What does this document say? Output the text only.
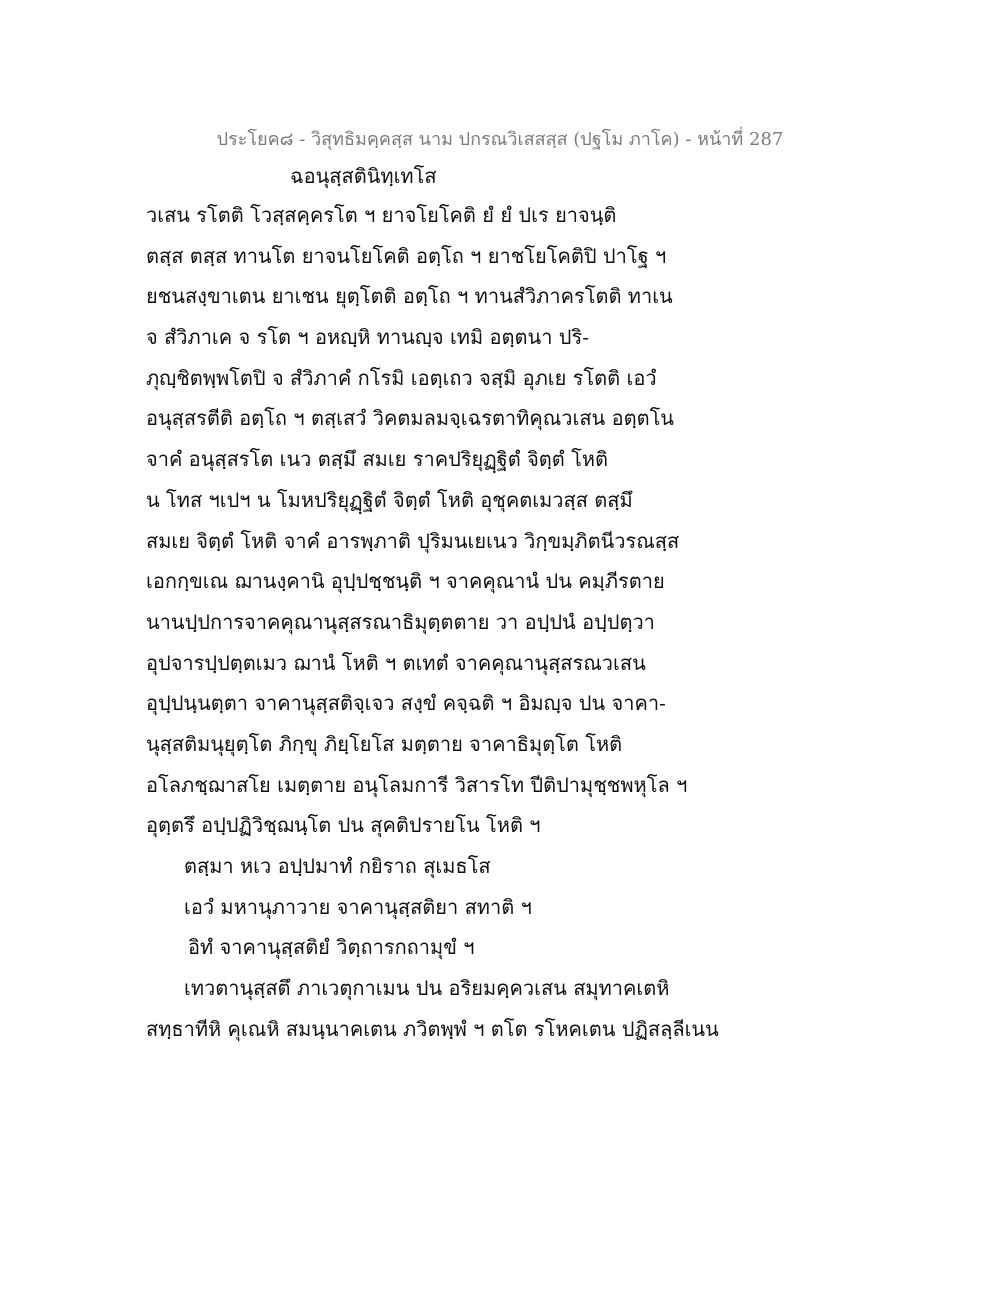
ประโยค๘ - วิสุทธิมคฺคสฺส นาม ปกรณวิเสสสฺส (ปฐโม ภาโค) - หน้าที่ 287
ฉอนุสฺสตินิทฺเทโส
วเสน รโตติ โวสฺสคฺครโต ฯ ยาจโยโคติ ยํ ยํ ปเร ยาจนฺติ
ตสฺส ตสฺส ทานโต ยาจนโยโคติ อตฺโถ ฯ ยาชโยโคติปิ ปาโฐ ฯ
ยชนสงฺขาเตน ยาเชน ยุตฺโตติ อตฺโถ ฯ ทานสํวิภาครโตติ ทาเน
จ สํวิภาเค จ รโต ฯ อหญฺหิ ทานญฺจ เทมิ อตฺตนา ปริ-
ภุญฺชิตพฺพโตปิ จ สํวิภาคํ กโรมิ เอตฺเถว จสฺมิ อุภเย รโตติ เอวํ
อนุสฺสรตีติ อตฺโถ ฯ ตสฺเสวํ วิคตมลมจฺเฉรตาทิคุณวเสน อตฺตโน
จาคํ อนุสฺสรโต เนว ตสฺมึ สมเย ราคปริยุฏฺฐิตํ จิตฺตํ โหติ
น โทส ฯเปฯ น โมหปริยุฏฺฐิตํ จิตฺตํ โหติ อุชุคตเมวสฺส ตสฺมึ
สมเย จิตฺตํ โหติ จาคํ อารพฺภาติ ปุริมนเยเนว วิกฺขมฺภิตนีวรณสฺส
เอกกฺขเณ ฌานงฺคานิ อุปฺปชฺชนฺติ ฯ จาคคุณานํ ปน คมฺภีรตาย
นานปฺปการจาคคุณานุสฺสรณาธิมุตฺตตาย วา อปฺปนํ อปฺปตฺวา
อุปจารปฺปตฺตเมว ฌานํ โหติ ฯ ตเทตํ จาคคุณานุสฺสรณวเสน
อุปฺปนฺนตฺตา จาคานุสฺสติจฺเจว สงฺขํ คจฺฉติ ฯ อิมญฺจ ปน จาคา-
นุสฺสติมนุยุตฺโต ภิกฺขุ ภิยฺโยโส มตฺตาย จาคาธิมุตฺโต โหติ
อโลภชฺฌาสโย เมตฺตาย อนุโลมการี วิสารโท ปีติปามุชฺชพหุโล ฯ
อุตฺตรึ อปฺปฏิวิชฺฌนฺโต ปน สุคติปรายโน โหติ ฯ
ตสฺมา หเว อปฺปมาทํ กยิราถ สุเมธโส
เอวํ มหานุภาวาย จาคานุสฺสติยา สทาติ ฯ
อิทํ จาคานุสฺสติยํ วิตฺถารกถามุขํ ฯ
เทวตานุสฺสตึ ภาเวตุกาเมน ปน อริยมคฺควเสน สมุทาคเตหิ
สทฺธาทีหิ คุเณหิ สมนฺนาคเตน ภวิตพฺพํ ฯ ตโต รโหคเตน ปฏิสลฺลีเนน
